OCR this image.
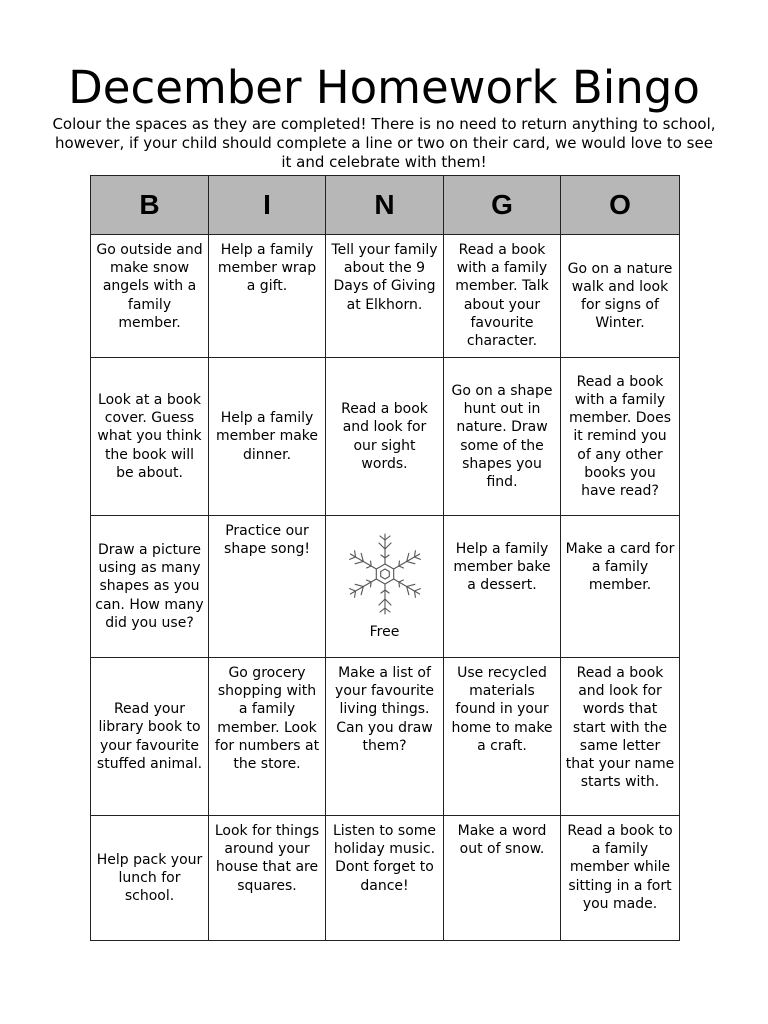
December Homework Bingo
Colour the spaces as they are completed! There is no need to return anything to school, however, if your child should complete a line or two on their card, we would love to see it and celebrate with them!
B	I	N	G	O
Go outside and make snow angels with a family member.	Help a family member wrap a gift.	Tell your family about the 9 Days of Giving at Elkhorn.	Read a book with a family member. Talk about your favourite character.	Go on a nature walk and look for signs of Winter.
Look at a book cover. Guess what you think the book will be about.	Help a family member make dinner.	Read a book and look for our sight words.	Go on a shape hunt out in nature. Draw some of the shapes you find.	Read a book with a family member. Does it remind you of any other books you have read?
Draw a picture using as many shapes as you can. How many did you use?	Practice our shape song!	Free	Help a family member bake a dessert.	Make a card for a family member.
Read your library book to your favourite stuffed animal.	Go grocery shopping with a family member. Look for numbers at the store.	Make a list of your favourite living things. Can you draw them?	Use recycled materials found in your home to make a craft.	Read a book and look for words that start with the same letter that your name starts with.
Help pack your lunch for school.	Look for things around your house that are squares.	Listen to some holiday music. Dont forget to dance!	Make a word out of snow.	Read a book to a family member while sitting in a fort you made.
